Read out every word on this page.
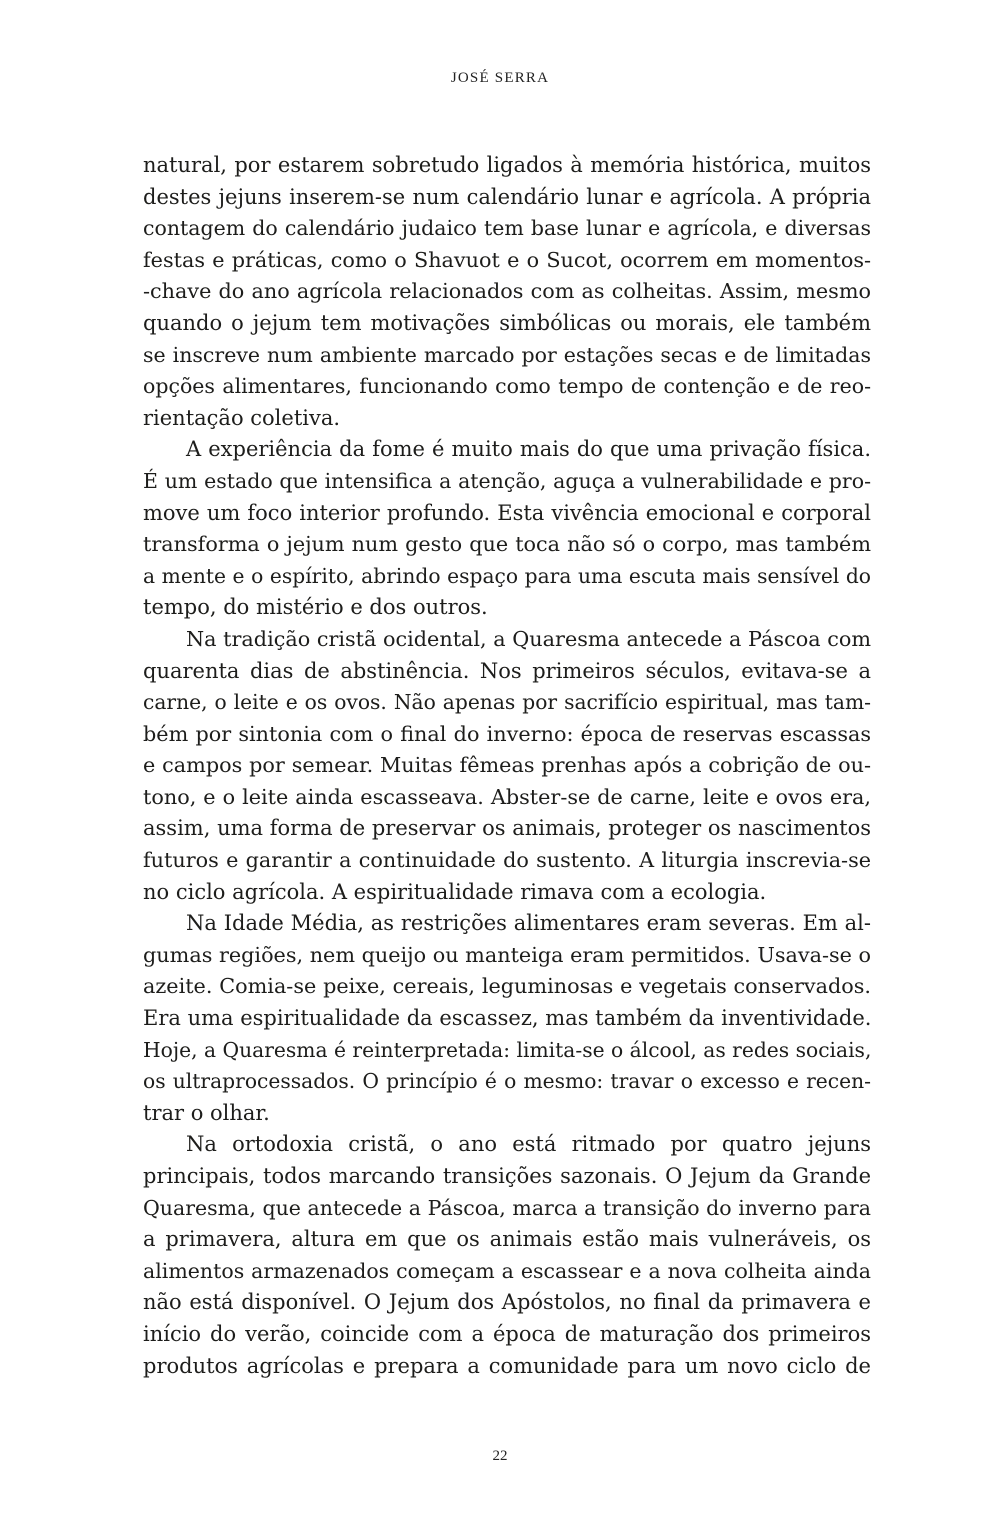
JOSÉ SERRA
natural, por estarem sobretudo ligados à memória histórica, muitos
destes jejuns inserem-se num calendário lunar e agrícola. A própria
contagem do calendário judaico tem base lunar e agrícola, e diversas
festas e práticas, como o Shavuot e o Sucot, ocorrem em momentos-
-chave do ano agrícola relacionados com as colheitas. Assim, mesmo
quando o jejum tem motivações simbólicas ou morais, ele também
se inscreve num ambiente marcado por estações secas e de limitadas
opções alimentares, funcionando como tempo de contenção e de reo-
rientação coletiva.
A experiência da fome é muito mais do que uma privação física.
É um estado que intensifica a atenção, aguça a vulnerabilidade e pro-
move um foco interior profundo. Esta vivência emocional e corporal
transforma o jejum num gesto que toca não só o corpo, mas também
a mente e o espírito, abrindo espaço para uma escuta mais sensível do
tempo, do mistério e dos outros.
Na tradição cristã ocidental, a Quaresma antecede a Páscoa com
quarenta dias de abstinência. Nos primeiros séculos, evitava-se a
carne, o leite e os ovos. Não apenas por sacrifício espiritual, mas tam-
bém por sintonia com o final do inverno: época de reservas escassas
e campos por semear. Muitas fêmeas prenhas após a cobrição de ou-
tono, e o leite ainda escasseava. Abster-se de carne, leite e ovos era,
assim, uma forma de preservar os animais, proteger os nascimentos
futuros e garantir a continuidade do sustento. A liturgia inscrevia-se
no ciclo agrícola. A espiritualidade rimava com a ecologia.
Na Idade Média, as restrições alimentares eram severas. Em al-
gumas regiões, nem queijo ou manteiga eram permitidos. Usava-se o
azeite. Comia-se peixe, cereais, leguminosas e vegetais conservados.
Era uma espiritualidade da escassez, mas também da inventividade.
Hoje, a Quaresma é reinterpretada: limita-se o álcool, as redes sociais,
os ultraprocessados. O princípio é o mesmo: travar o excesso e recen-
trar o olhar.
Na ortodoxia cristã, o ano está ritmado por quatro jejuns
principais, todos marcando transições sazonais. O Jejum da Grande
Quaresma, que antecede a Páscoa, marca a transição do inverno para
a primavera, altura em que os animais estão mais vulneráveis, os
alimentos armazenados começam a escassear e a nova colheita ainda
não está disponível. O Jejum dos Apóstolos, no final da primavera e
início do verão, coincide com a época de maturação dos primeiros
produtos agrícolas e prepara a comunidade para um novo ciclo de
22
